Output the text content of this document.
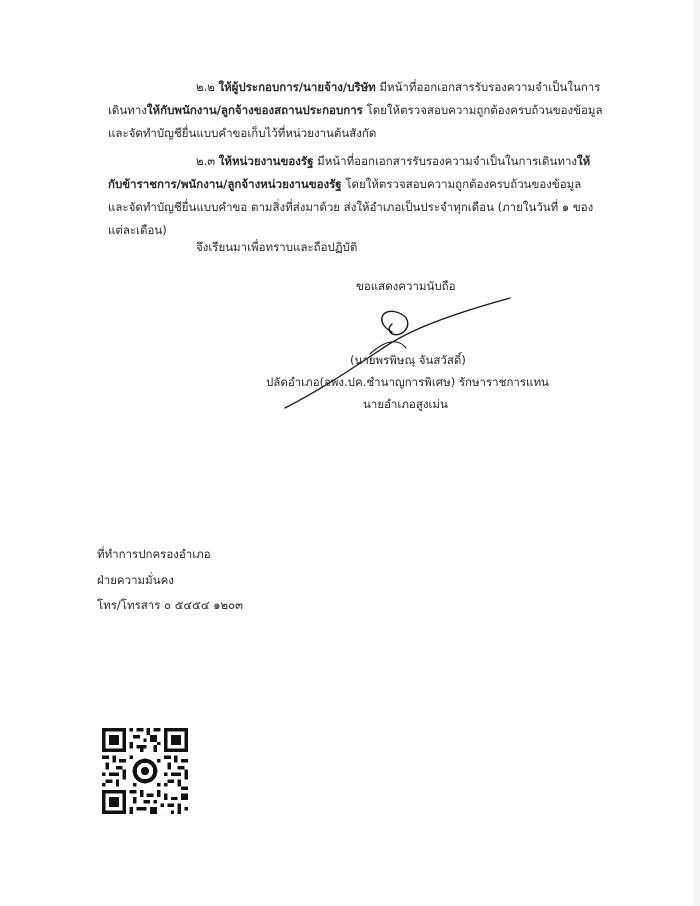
๒.๒ ให้ผู้ประกอบการ/นายจ้าง/บริษัท มีหน้าที่ออกเอกสารรับรองความจำเป็นในการเดินทางให้กับพนักงาน/ลูกจ้างของสถานประกอบการ โดยให้ตรวจสอบความถูกต้องครบถ้วนของข้อมูล และจัดทำบัญชียื่นแบบคำขอเก็บไว้ที่หน่วยงานต้นสังกัด

๒.๓ ให้หน่วยงานของรัฐ มีหน้าที่ออกเอกสารรับรองความจำเป็นในการเดินทางให้กับข้าราชการ/พนักงาน/ลูกจ้างหน่วยงานของรัฐ โดยให้ตรวจสอบความถูกต้องครบถ้วนของข้อมูล และจัดทำบัญชียื่นแบบคำขอ ตามสิ่งที่ส่งมาด้วย ส่งให้อำเภอเป็นประจำทุกเดือน (ภายในวันที่ ๑ ของแต่ละเดือน)

จึงเรียนมาเพื่อทราบและถือปฏิบัติ
ขอแสดงความนับถือ
(นายพรพิษณุ จันสวัสดิ์)
ปลัดอำเภอ(จพง.ปค.ชำนาญการพิเศษ) รักษาราชการแทน
นายอำเภอสูงเม่น
ที่ทำการปกครองอำเภอ
ฝ่ายความมั่นคง
โทร/โทรสาร ๐ ๕๔๕๔ ๑๒๐๓
